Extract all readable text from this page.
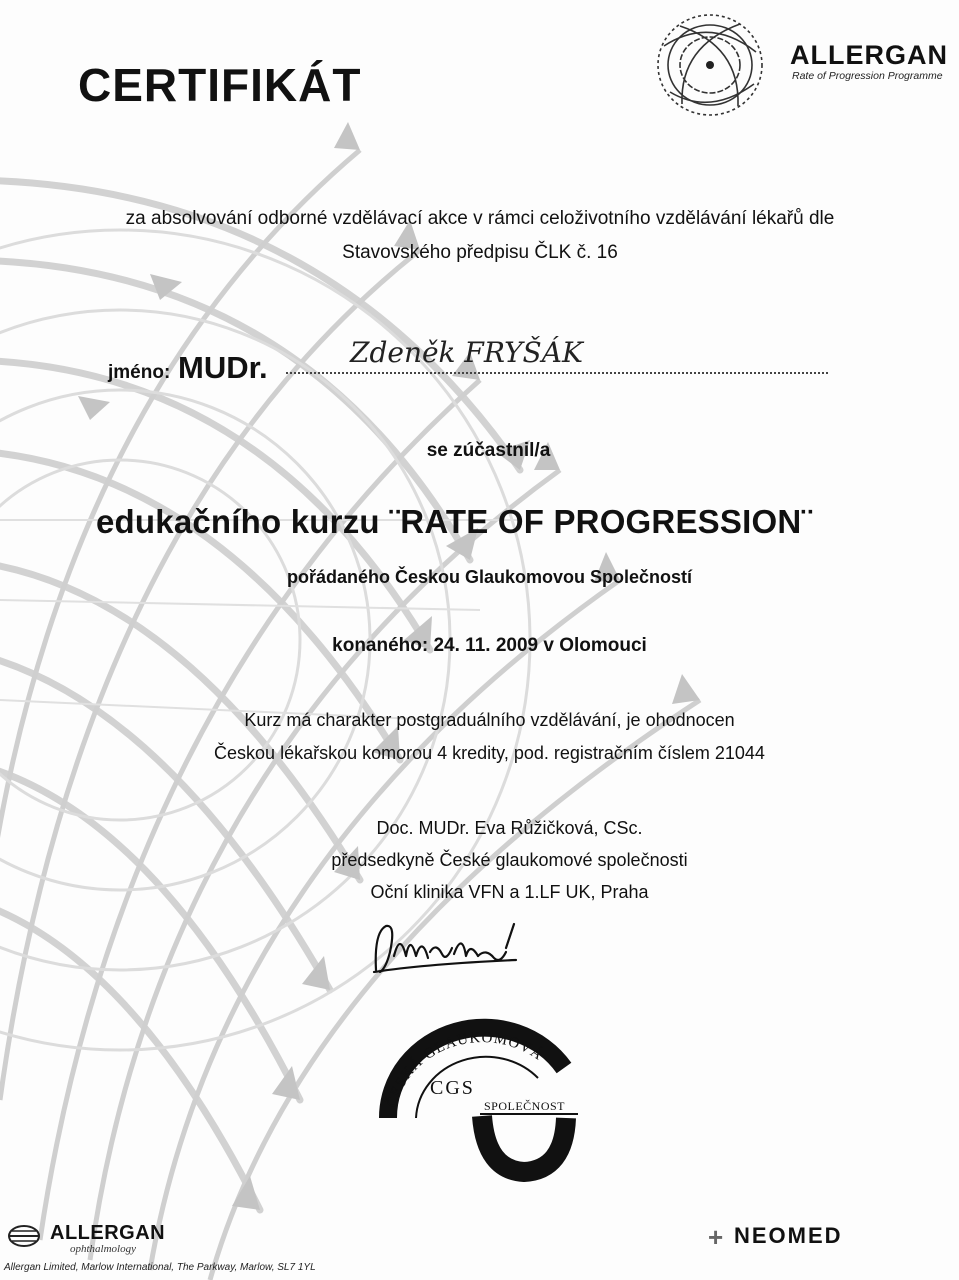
ALLERGAN
Rate of Progression Programme
CERTIFIKÁT
za absolvování odborné vzdělávací akce v rámci celoživotního vzdělávání lékařů dle
Stavovského předpisu ČLK č. 16
jméno: MUDr.	Zdeněk FRYŠÁK
se zúčastnil/a
edukačního kurzu ¨RATE OF PROGRESSION¨
pořádaného Českou Glaukomovou Společností
konaného: 24. 11. 2009 v Olomouci
Kurz má charakter postgraduálního vzdělávání, je ohodnocen
Českou lékařskou komorou 4 kredity, pod. registračním číslem 21044
Doc. MUDr. Eva Růžičková, CSc.
předsedkyně České glaukomové společnosti
Oční klinika VFN a 1.LF UK, Praha
ČESKÁ GLAUKOMOVÁ
CGS
SPOLEČNOST
ALLERGAN
ophthalmology
Allergan Limited, Marlow International, The Parkway, Marlow, SL7 1YL
+ NEOMED
